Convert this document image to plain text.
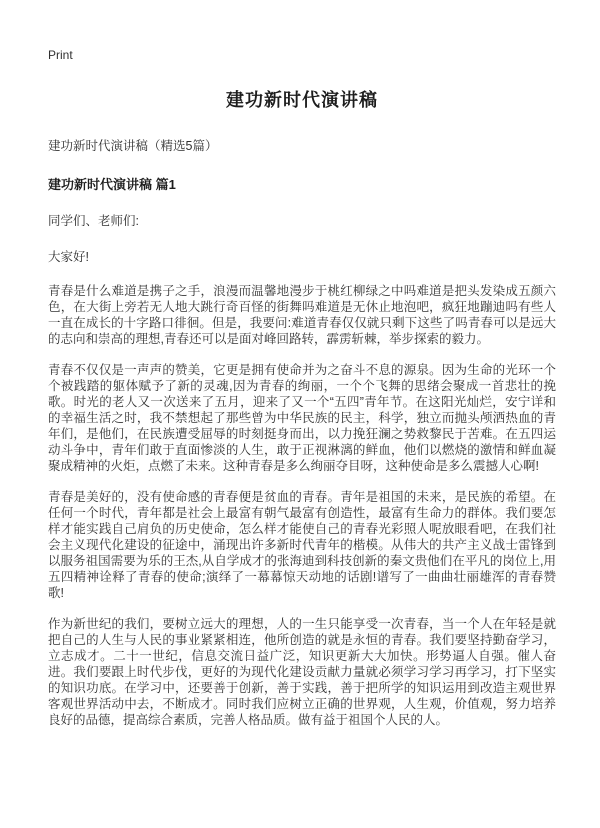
Print
建功新时代演讲稿

建功新时代演讲稿（精选5篇）

建功新时代演讲稿 篇1

同学们、老师们:

大家好!

青春是什么难道是携子之手，浪漫而温馨地漫步于桃红柳绿之中吗难道是把头发染成五颜六色，在大街上旁若无人地大跳行奇百怪的街舞吗难道是无休止地泡吧，疯狂地蹦迪吗有些人一直在成长的十字路口徘徊。但是，我要问:难道青春仅仅就只剩下这些了吗青春可以是远大的志向和崇高的理想,青春还可以是面对峰回路转，霹雳斩棘，举步探索的毅力。

青春不仅仅是一声声的赞美，它更是拥有使命并为之奋斗不息的源泉。因为生命的光环一个个被践踏的躯体赋予了新的灵魂,因为青春的绚丽，一个个飞舞的思绪会聚成一首悲壮的挽歌。时光的老人又一次送来了五月，迎来了又一个“五四”青年节。在这阳光灿烂，安宁详和的幸福生活之时，我不禁想起了那些曾为中华民族的民主，科学，独立而抛头颅洒热血的青年们，是他们，在民族遭受屈辱的时刻挺身而出，以力挽狂澜之势救黎民于苦难。在五四运动斗争中，青年们敢于直面惨淡的人生，敢于正视淋漓的鲜血，他们以燃烧的激情和鲜血凝聚成精神的火炬，点燃了未来。这种青春是多么绚丽夺目呀，这种使命是多么震撼人心啊!

青春是美好的，没有使命感的青春便是贫血的青春。青年是祖国的未来，是民族的希望。在任何一个时代，青年都是社会上最富有朝气最富有创造性，最富有生命力的群体。我们要怎样才能实践自己肩负的历史使命，怎么样才能使自己的青春光彩照人呢放眼看吧，在我们社会主义现代化建设的征途中，涌现出许多新时代青年的楷模。从伟大的共产主义战士雷锋到以服务祖国需要为乐的王杰,从自学成才的张海迪到科技创新的秦文贵他们在平凡的岗位上,用五四精神诠释了青春的使命;演绎了一幕幕惊天动地的话剧!谱写了一曲曲壮丽雄浑的青春赞歌!

作为新世纪的我们，要树立远大的理想，人的一生只能享受一次青春，当一个人在年轻是就把自己的人生与人民的事业紧紧相连，他所创造的就是永恒的青春。我们要坚持勤奋学习，立志成才。二十一世纪，信息交流日益广泛，知识更新大大加快。形势逼人自强。催人奋进。我们要跟上时代步伐，更好的为现代化建设贡献力量就必须学习学习再学习，打下坚实的知识功底。在学习中，还要善于创新，善于实践，善于把所学的知识运用到改造主观世界客观世界活动中去，不断成才。同时我们应树立正确的世界观，人生观，价值观，努力培养良好的品德，提高综合素质，完善人格品质。做有益于祖国个人民的人。
